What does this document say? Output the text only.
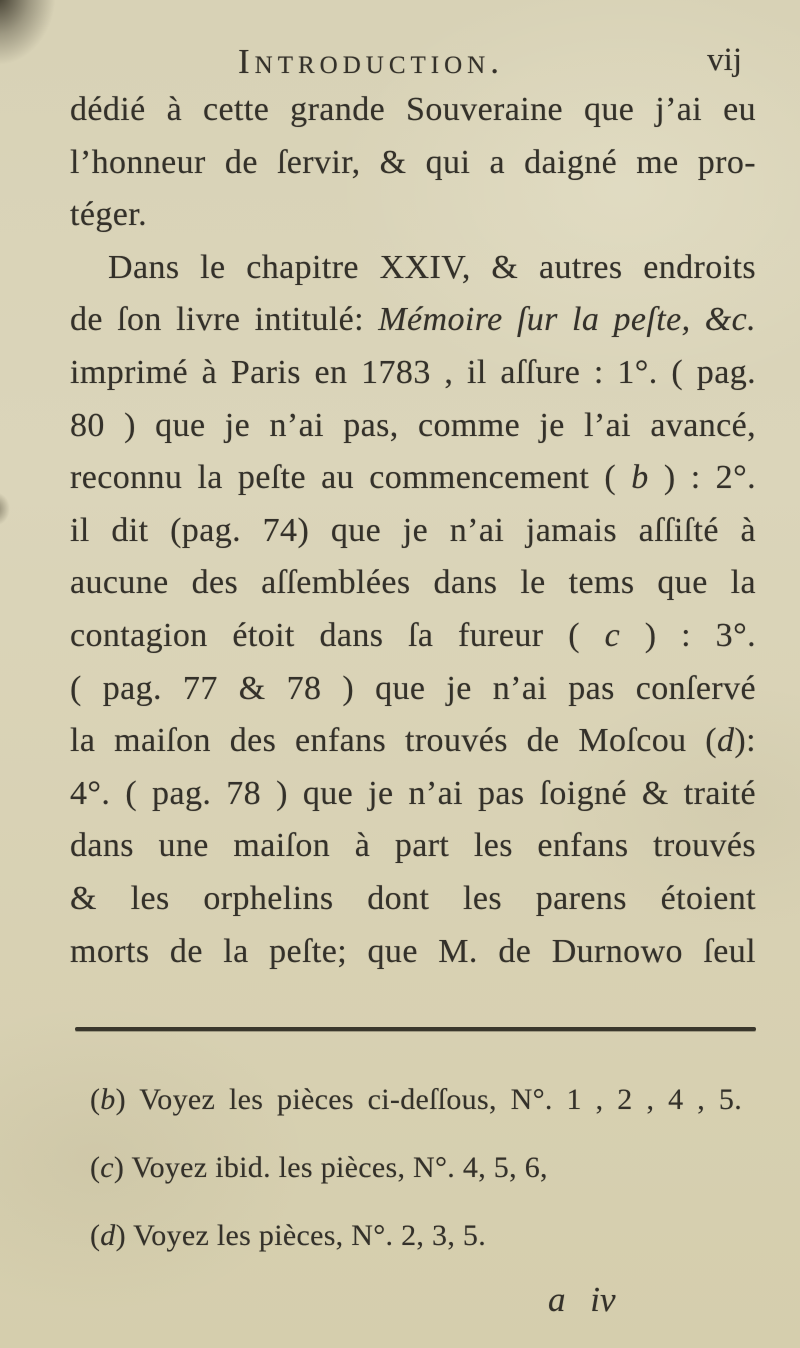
Introduction.	vij
dédié à cette grande Souveraine que j’ai eu
l’honneur de ſervir, & qui a daigné me pro-
téger.
Dans le chapitre XXIV, & autres endroits
de ſon livre intitulé: Mémoire ſur la peſte, &c.
imprimé à Paris en 1783 , il aſſure : 1°. ( pag.
80 ) que je n’ai pas, comme je l’ai avancé,
reconnu la peſte au commencement ( b ) : 2°.
il dit (pag. 74) que je n’ai jamais aſſiſté à
aucune des aſſemblées dans le tems que la
contagion étoit dans ſa fureur ( c ) : 3°.
( pag. 77 & 78 ) que je n’ai pas conſervé
la maiſon des enfans trouvés de Moſcou (d):
4°. ( pag. 78 ) que je n’ai pas ſoigné & traité
dans une maiſon à part les enfans trouvés
& les orphelins dont les parens étoient
morts de la peſte; que M. de Durnowo ſeul
(b) Voyez les pièces ci-deſſous, N°. 1 , 2 , 4 , 5.
(c) Voyez ibid. les pièces, N°. 4, 5, 6,
(d) Voyez les pièces, N°. 2, 3, 5.
a iv
